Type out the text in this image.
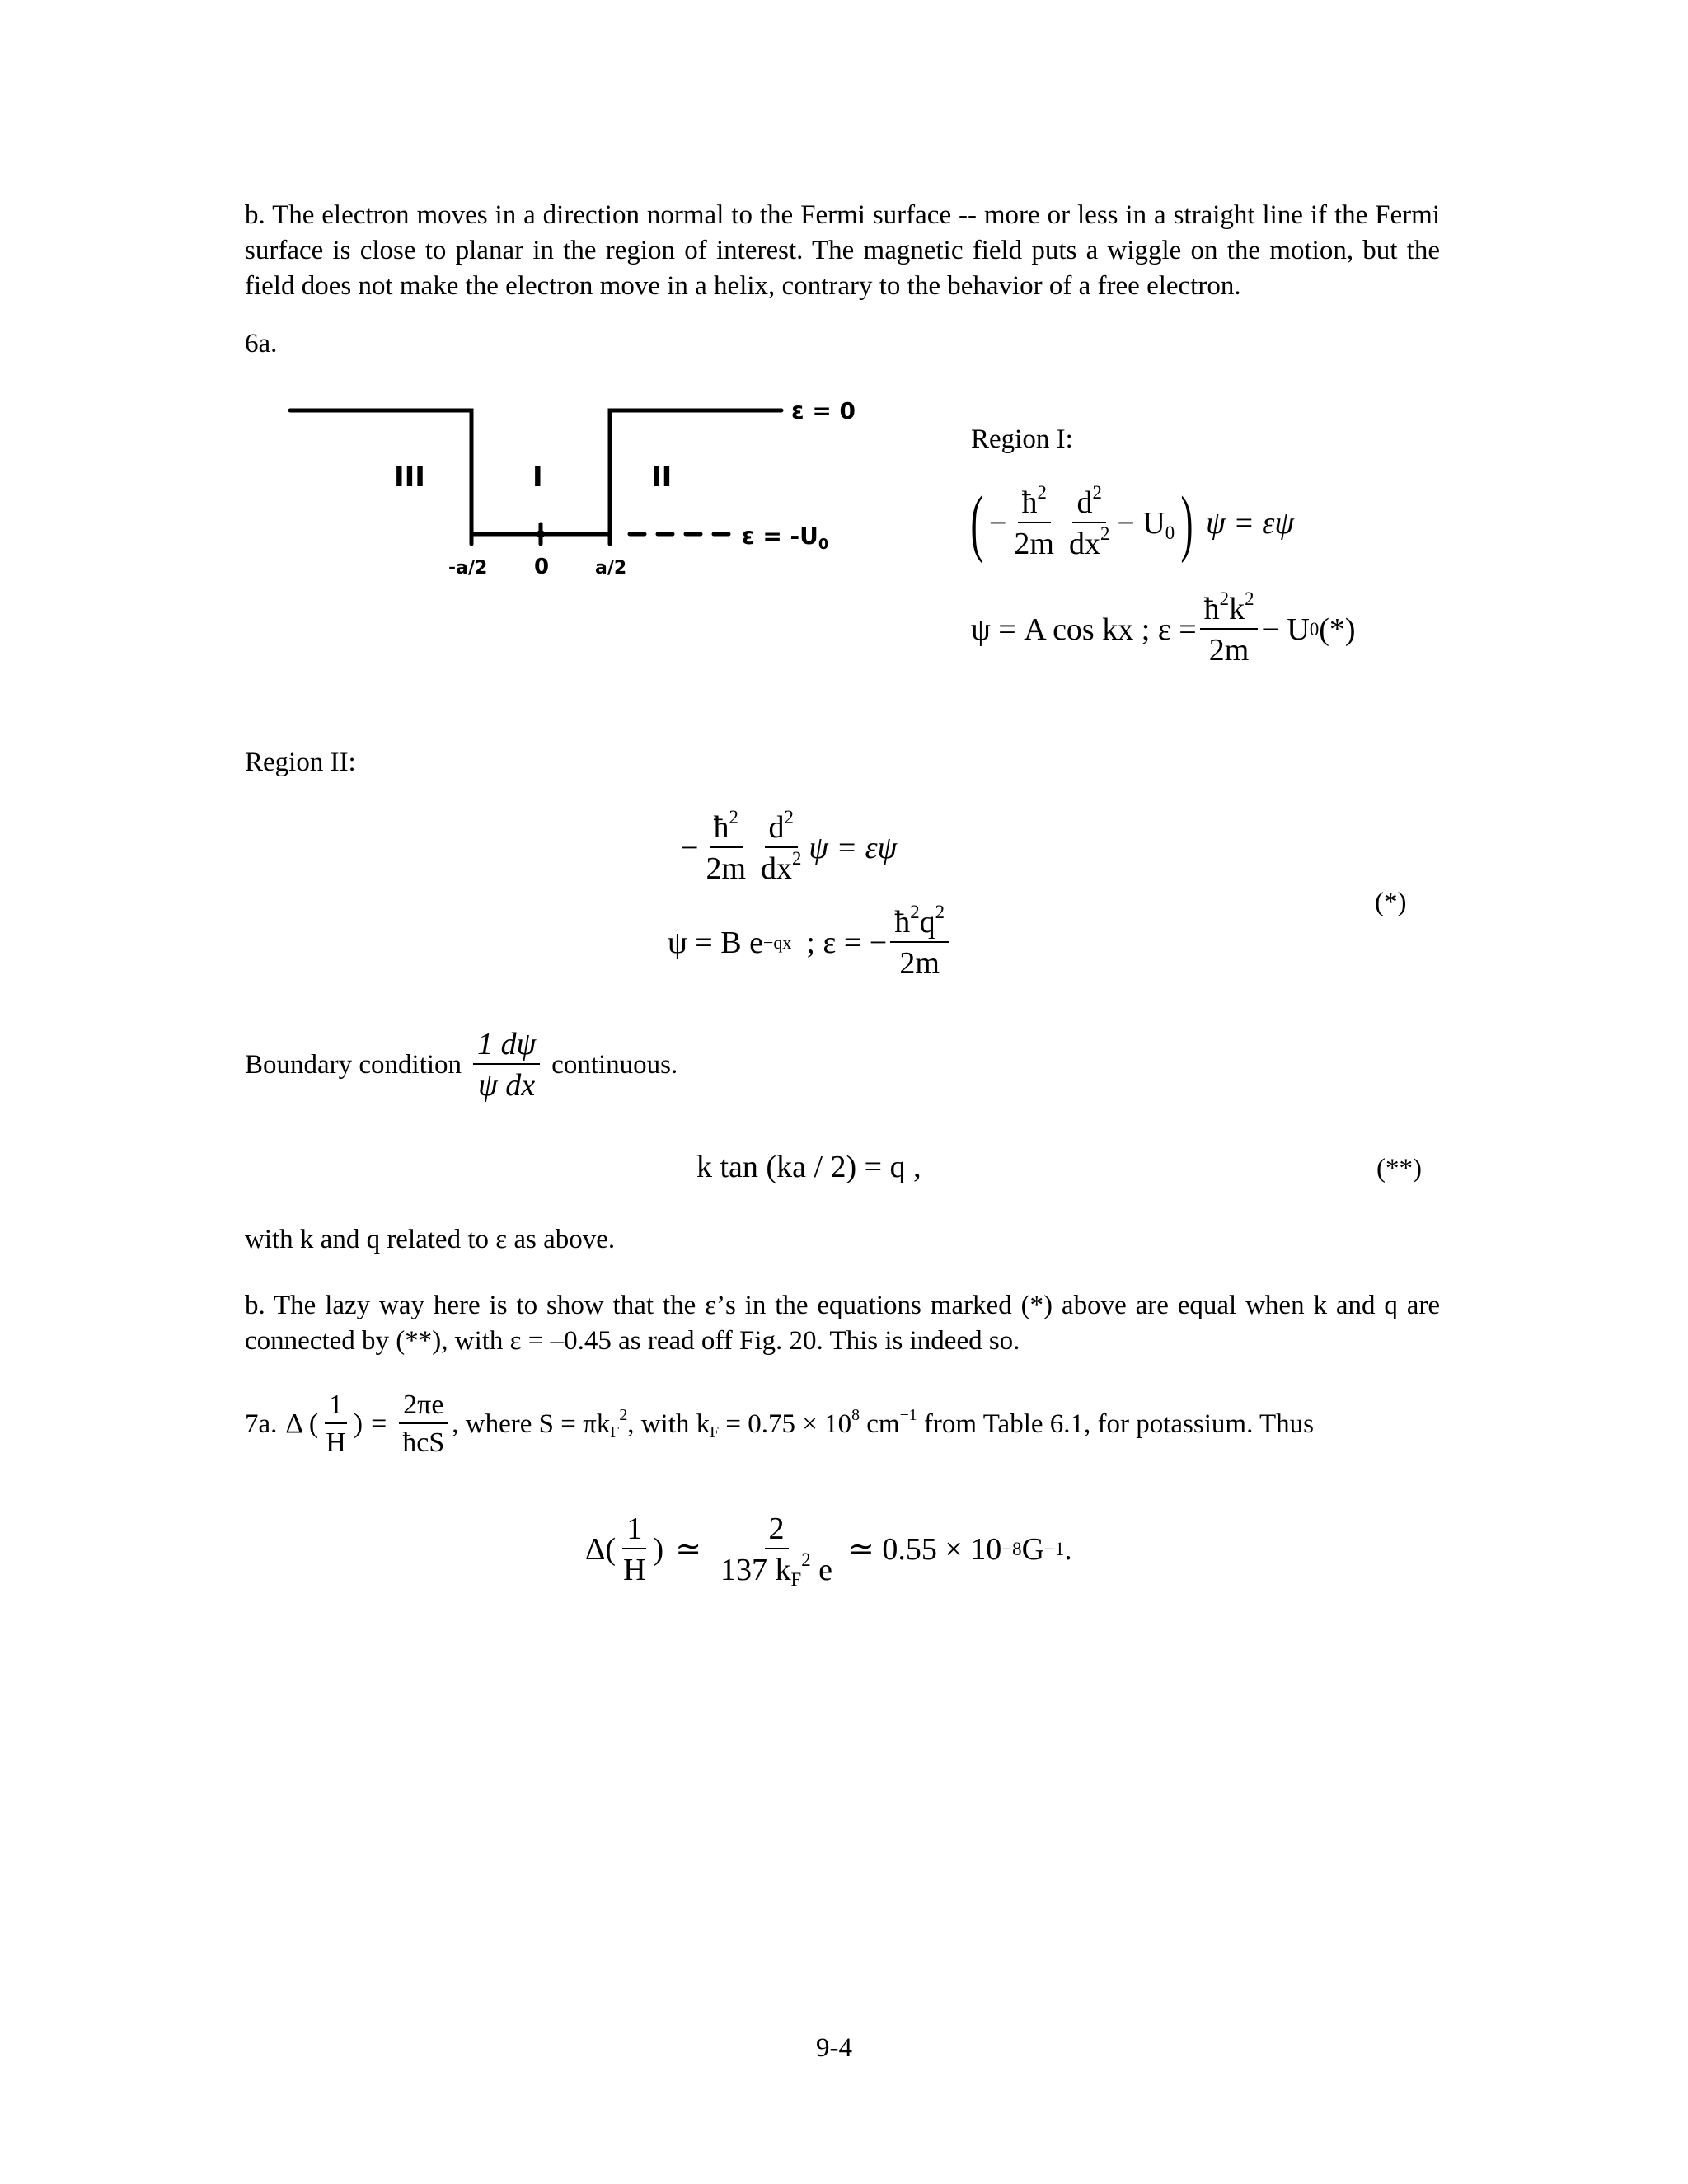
b. The electron moves in a direction normal to the Fermi surface -- more or less in a straight line if the Fermi surface is close to planar in the region of interest. The magnetic field puts a wiggle on the motion, but the field does not make the electron move in a helix, contrary to the behavior of a free electron.
6a.
III	I	II
ε = 0
$\varepsilon = -U_0$
-a/2 0	a/2
Region I:
( − $\frac{ħ^2}{2m} \frac{d^2}{dx^2} - U_0$ ) ψ = εψ
ψ = A cos kx ; $\varepsilon = \frac{ħ^2k^2}{2m} - U$ 0 (*)
Region II:
− $\frac{ħ^2}{2m} \frac{d^2}{dx^2}$ ψ = εψ
ψ = B e −qx ; ε = − $\frac{ħ^2q^2}{2m}$
(*)
Boundary condition $\frac{1 d\psi}{\text{ψ dx}}$ continuous.
k tan (ka / 2) = q ,	(**)
with k and q related to ε as above.
b. The lazy way here is to show that the ε’s in the equations marked (*) above are equal when k and q are connected by (**), with ε = –0.45 as read off Fig. 20. This is indeed so.
7a. Δ ( $\frac{1}{H}$ ) = $\frac{2\pi e}{\text{ħcS}}$ , where $S = \pi k_F^2$, with $k_F = 0.75 \times 10^8$ $cm^{-1}$ from Table 6.1, for potassium. Thus
$\Delta( \frac{1}{H}$ ) ≃ $\frac{2}{137 k_F^2 e}$ ≃ 0.55 × 10 −8 G −1 .
9-4
